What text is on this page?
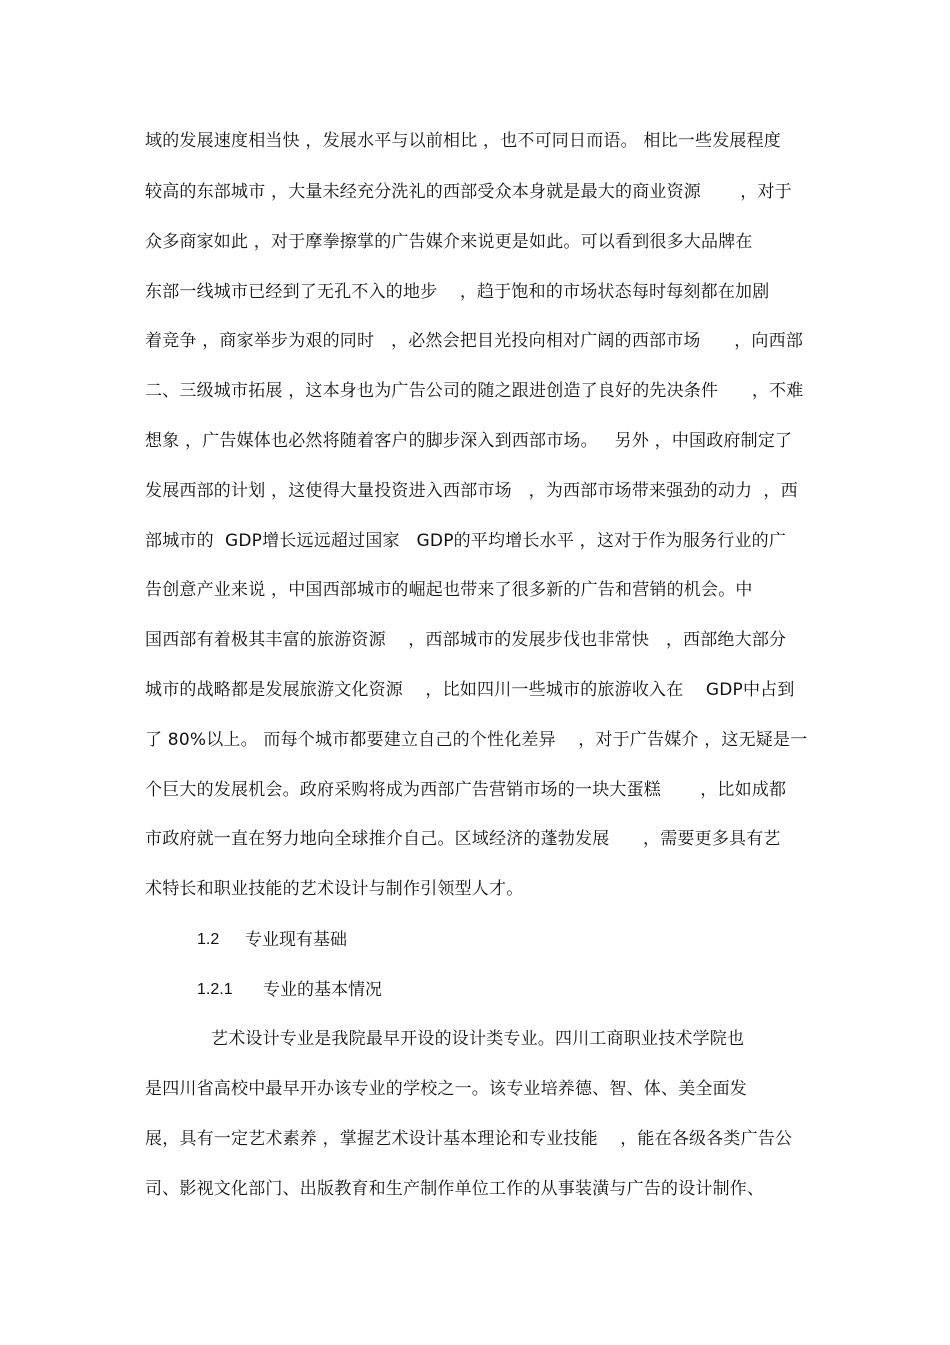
域的发展速度相当快 ，发展水平与以前相比 ，也不可同日而语。 相比一些发展程度
较高的东部城市 ，大量未经充分洗礼的西部受众本身就是最大的商业资源       ，对于
众多商家如此 ，对于摩拳擦掌的广告媒介来说更是如此。可以看到很多大品牌在
东部一线城市已经到了无孔不入的地步    ，趋于饱和的市场状态每时每刻都在加剧
着竞争 ，商家举步为艰的同时   ，必然会把目光投向相对广阔的西部市场      ，向西部
二、三级城市拓展 ，这本身也为广告公司的随之跟进创造了良好的先决条件      ，不难
想象 ，广告媒体也必然将随着客户的脚步深入到西部市场。   另外 ，中国政府制定了
发展西部的计划 ，这使得大量投资进入西部市场   ，为西部市场带来强劲的动力  ，西
部城市的  GDP增长远远超过国家   GDP的平均增长水平 ，这对于作为服务行业的广
告创意产业来说 ，中国西部城市的崛起也带来了很多新的广告和营销的机会。中
国西部有着极其丰富的旅游资源    ，西部城市的发展步伐也非常快   ，西部绝大部分
城市的战略都是发展旅游文化资源    ，比如四川一些城市的旅游收入在    GDP中占到
了 80%以上。 而每个城市都要建立自己的个性化差异    ，对于广告媒介 ，这无疑是一
个巨大的发展机会。政府采购将成为西部广告营销市场的一块大蛋糕       ，比如成都
市政府就一直在努力地向全球推介自己。区域经济的蓬勃发展      ，需要更多具有艺
术特长和职业技能的艺术设计与制作引领型人才。
1.2 专业现有基础
1.2.1 专业的基本情况
艺术设计专业是我院最早开设的设计类专业。四川工商职业技术学院也
是四川省高校中最早开办该专业的学校之一。该专业培养德、智、体、美全面发
展，具有一定艺术素养 ，掌握艺术设计基本理论和专业技能    ，能在各级各类广告公
司、影视文化部门、出版教育和生产制作单位工作的从事装潢与广告的设计制作、
